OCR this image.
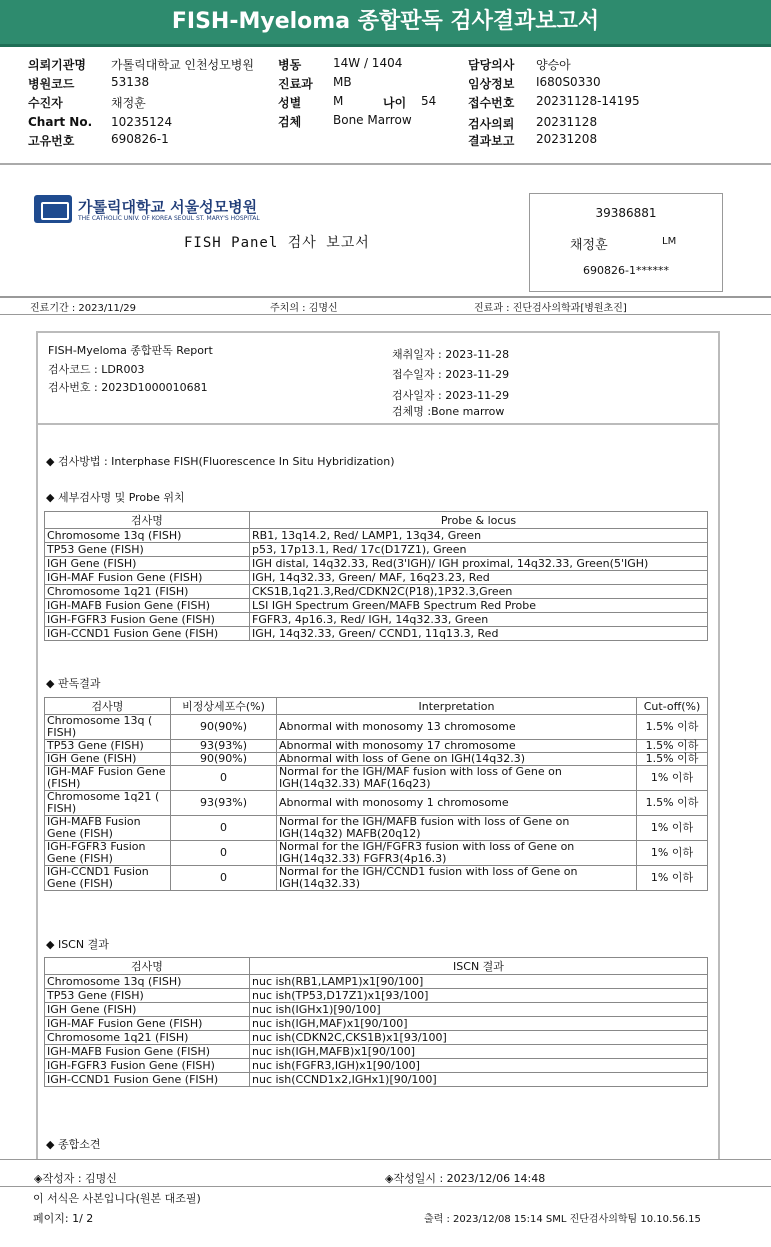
FISH-Myeloma 종합판독 검사결과보고서
의뢰기관명 가톨릭대학교 인천성모병원
병원코드	53138
수진자	채정훈
Chart No. 10235124
고유번호	690826-1
병동	14W / 1404
진료과 MB
성별	M	나이 54
검체	Bone Marrow
담당의사 양승아
임상정보 I680S0330
접수번호 20231128-14195
검사의뢰 20231128
결과보고 20231208
가톨릭대학교 서울성모병원
THE CATHOLIC UNIV. OF KOREA SEOUL ST. MARY'S HOSPITAL
FISH Panel 검사 보고서
39386881
채정훈	LM
690826-1******
진료기간 : 2023/11/29	주치의 : 김명신	진료과 : 진단검사의학과[병원초진]
FISH-Myeloma 종합판독 Report
검사코드 : LDR003
검사번호 : 2023D1000010681
채취일자 : 2023-11-28
접수일자 : 2023-11-29
검사일자 : 2023-11-29
검체명 :Bone marrow
◆ 검사방법 : Interphase FISH(Fluorescence In Situ Hybridization)
◆ 세부검사명 및 Probe 위치
검사명	Probe & locus
Chromosome 13q (FISH)	RB1, 13q14.2, Red/ LAMP1, 13q34, Green
TP53 Gene (FISH)	p53, 17p13.1, Red/ 17c(D17Z1), Green
IGH Gene (FISH)	IGH distal, 14q32.33, Red(3'IGH)/ IGH proximal, 14q32.33, Green(5'IGH)
IGH-MAF Fusion Gene (FISH)	IGH, 14q32.33, Green/ MAF, 16q23.23, Red
Chromosome 1q21 (FISH)	CKS1B,1q21.3,Red/CDKN2C(P18),1P32.3,Green
IGH-MAFB Fusion Gene (FISH)	LSI IGH Spectrum Green/MAFB Spectrum Red Probe
IGH-FGFR3 Fusion Gene (FISH)	FGFR3, 4p16.3, Red/ IGH, 14q32.33, Green
IGH-CCND1 Fusion Gene (FISH)	IGH, 14q32.33, Green/ CCND1, 11q13.3, Red
◆ 판독결과
검사명	비정상세포수(%)	Interpretation	Cut-off(%)
Chromosome 13q ( FISH)	90(90%)	Abnormal with monosomy 13 chromosome	1.5% 이하
TP53 Gene (FISH)	93(93%)	Abnormal with monosomy 17 chromosome	1.5% 이하
IGH Gene (FISH)	90(90%)	Abnormal with loss of Gene on IGH(14q32.3)	1.5% 이하
IGH-MAF Fusion Gene (FISH)	0	Normal for the IGH/MAF fusion with loss of Gene on IGH(14q32.33) MAF(16q23)	1% 이하
Chromosome 1q21 ( FISH)	93(93%)	Abnormal with monosomy 1 chromosome	1.5% 이하
IGH-MAFB Fusion Gene (FISH)	0	Normal for the IGH/MAFB fusion with loss of Gene on IGH(14q32) MAFB(20q12)	1% 이하
IGH-FGFR3 Fusion Gene (FISH)	0	Normal for the IGH/FGFR3 fusion with loss of Gene on IGH(14q32.33) FGFR3(4p16.3)	1% 이하
IGH-CCND1 Fusion Gene (FISH)	0	Normal for the IGH/CCND1 fusion with loss of Gene on IGH(14q32.33)	1% 이하
◆ ISCN 결과
검사명	ISCN 결과
Chromosome 13q (FISH)	nuc ish(RB1,LAMP1)x1[90/100]
TP53 Gene (FISH)	nuc ish(TP53,D17Z1)x1[93/100]
IGH Gene (FISH)	nuc ish(IGHx1)[90/100]
IGH-MAF Fusion Gene (FISH)	nuc ish(IGH,MAF)x1[90/100]
Chromosome 1q21 (FISH)	nuc ish(CDKN2C,CKS1B)x1[93/100]
IGH-MAFB Fusion Gene (FISH)	nuc ish(IGH,MAFB)x1[90/100]
IGH-FGFR3 Fusion Gene (FISH)	nuc ish(FGFR3,IGH)x1[90/100]
IGH-CCND1 Fusion Gene (FISH)	nuc ish(CCND1x2,IGHx1)[90/100]
◆ 종합소견
◈작성자 : 김명신	◈작성일시 : 2023/12/06 14:48
이 서식은 사본입니다(원본 대조필)
페이지: 1/ 2	출력 : 2023/12/08 15:14 SML 진단검사의학팀 10.10.56.15
